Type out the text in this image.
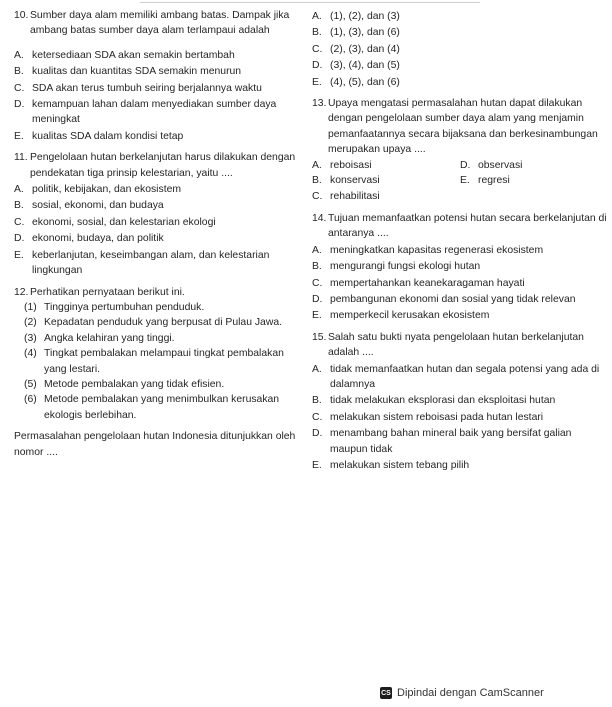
10. Sumber daya alam memiliki ambang batas. Dampak jika ambang batas sumber daya alam terlampaui adalah
A. ketersediaan SDA akan semakin bertambah
B. kualitas dan kuantitas SDA semakin menurun
C. SDA akan terus tumbuh seiring berjalannya waktu
D. kemampuan lahan dalam menyediakan sumber daya meningkat
E. kualitas SDA dalam kondisi tetap
11. Pengelolaan hutan berkelanjutan harus dilakukan dengan pendekatan tiga prinsip kelestarian, yaitu ....
A. politik, kebijakan, dan ekosistem
B. sosial, ekonomi, dan budaya
C. ekonomi, sosial, dan kelestarian ekologi
D. ekonomi, budaya, dan politik
E. keberlanjutan, keseimbangan alam, dan kelestarian lingkungan
12. Perhatikan pernyataan berikut ini.
(1) Tingginya pertumbuhan penduduk.
(2) Kepadatan penduduk yang berpusat di Pulau Jawa.
(3) Angka kelahiran yang tinggi.
(4) Tingkat pembalakan melampaui tingkat pembalakan yang lestari.
(5) Metode pembalakan yang tidak efisien.
(6) Metode pembalakan yang menimbulkan kerusakan ekologis berlebihan.
Permasalahan pengelolaan hutan Indonesia ditunjukkan oleh nomor ....
A. (1), (2), dan (3)
B. (1), (3), dan (6)
C. (2), (3), dan (4)
D. (3), (4), dan (5)
E. (4), (5), dan (6)
13. Upaya mengatasi permasalahan hutan dapat dilakukan dengan pengelolaan sumber daya alam yang menjamin pemanfaatannya secara bijaksana dan berkesinambungan merupakan upaya ....
A. reboisasi	D. observasi
B. konservasi	E. regresi
C. rehabilitasi
14. Tujuan memanfaatkan potensi hutan secara berkelanjutan di antaranya ....
A. meningkatkan kapasitas regenerasi ekosistem
B. mengurangi fungsi ekologi hutan
C. mempertahankan keanekaragaman hayati
D. pembangunan ekonomi dan sosial yang tidak relevan
E. memperkecil kerusakan ekosistem
15. Salah satu bukti nyata pengelolaan hutan berkelanjutan adalah ....
A. tidak memanfaatkan hutan dan segala potensi yang ada di dalamnya
B. tidak melakukan eksplorasi dan eksploitasi hutan
C. melakukan sistem reboisasi pada hutan lestari
D. menambang bahan mineral baik yang bersifat galian maupun tidak
E. melakukan sistem tebang pilih
CS Dipindai dengan CamScanner
